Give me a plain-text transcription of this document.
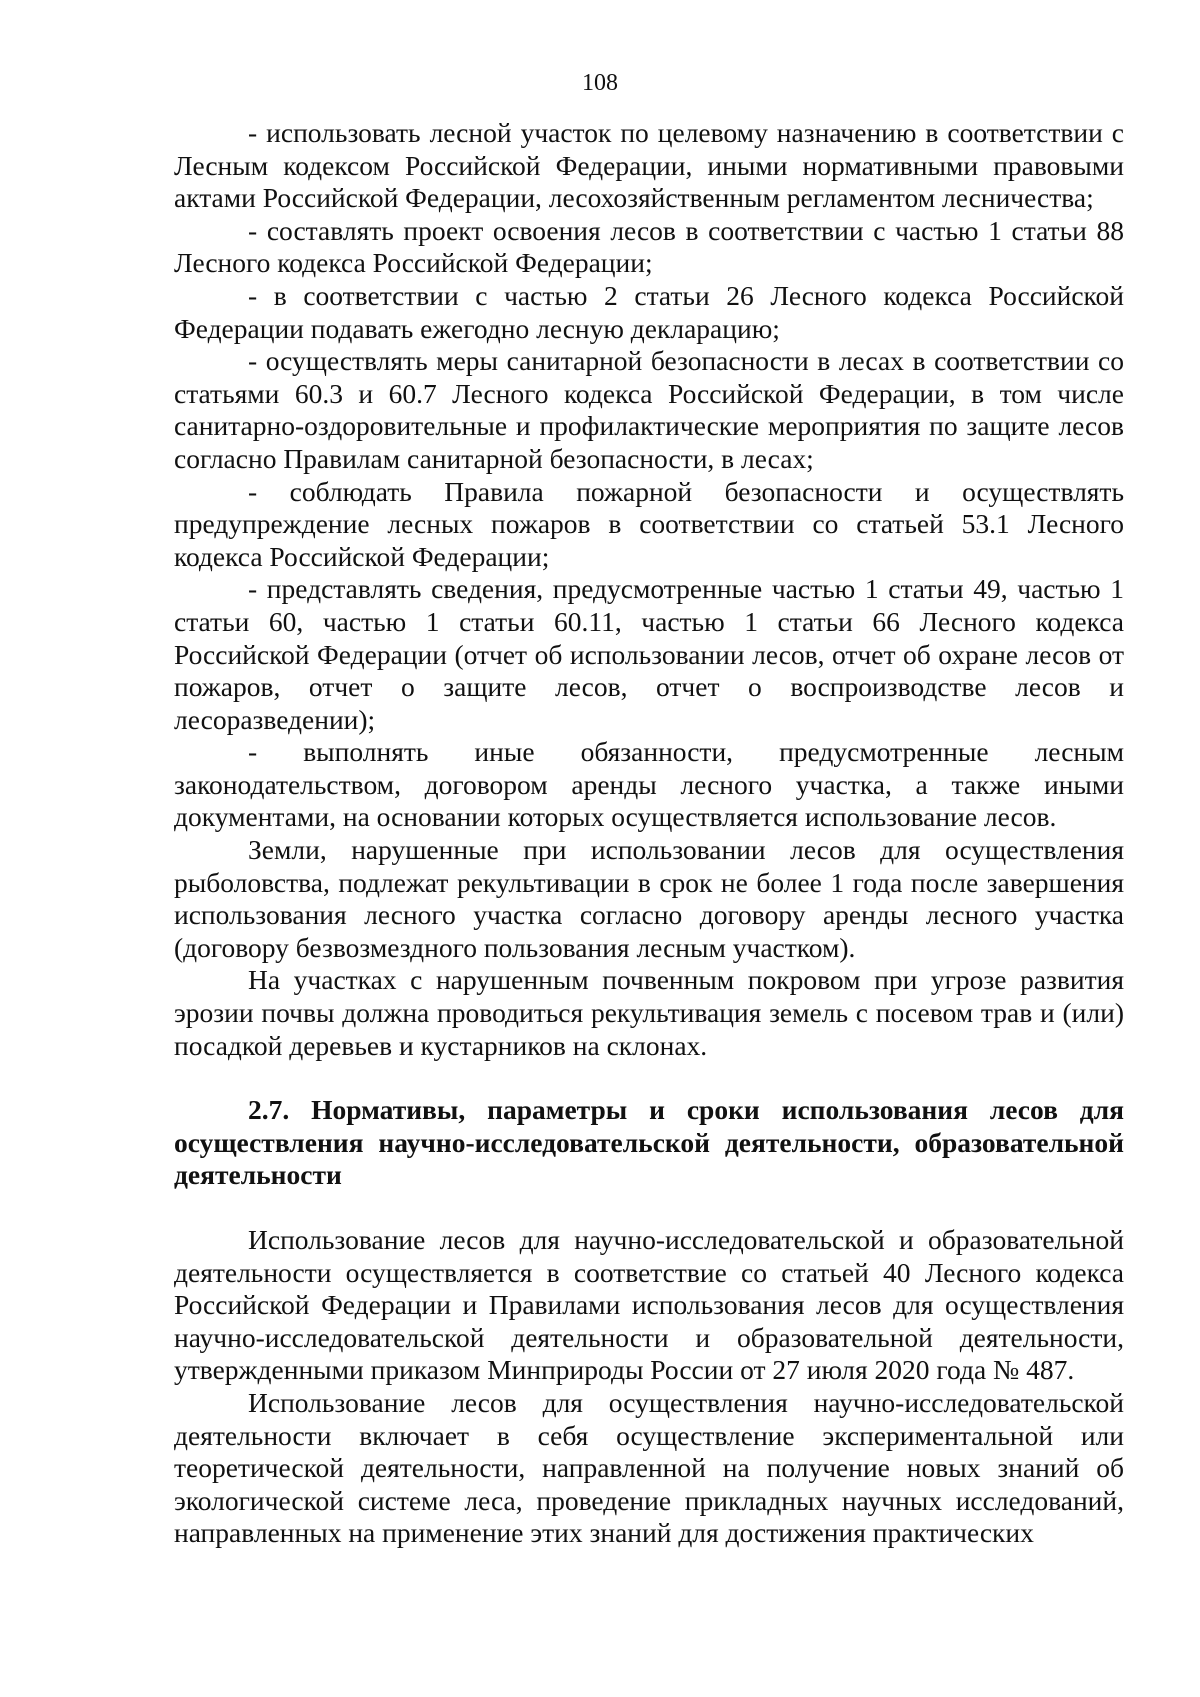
108

- использовать лесной участок по целевому назначению в соответствии с Лесным кодексом Российской Федерации, иными нормативными правовыми актами Российской Федерации, лесохозяйственным регламентом лесничества;

- составлять проект освоения лесов в соответствии с частью 1 статьи 88 Лесного кодекса Российской Федерации;

- в соответствии с частью 2 статьи 26 Лесного кодекса Российской Федерации подавать ежегодно лесную декларацию;

- осуществлять меры санитарной безопасности в лесах в соответствии со статьями 60.3 и 60.7 Лесного кодекса Российской Федерации, в том числе санитарно-оздоровительные и профилактические мероприятия по защите лесов согласно Правилам санитарной безопасности, в лесах;

- соблюдать Правила пожарной безопасности и осуществлять предупреждение лесных пожаров в соответствии со статьей 53.1 Лесного кодекса Российской Федерации;

- представлять сведения, предусмотренные частью 1 статьи 49, частью 1 статьи 60, частью 1 статьи 60.11, частью 1 статьи 66 Лесного кодекса Российской Федерации (отчет об использовании лесов, отчет об охране лесов от пожаров, отчет о защите лесов, отчет о воспроизводстве лесов и лесоразведении);

- выполнять иные обязанности, предусмотренные лесным законодательством, договором аренды лесного участка, а также иными документами, на основании которых осуществляется использование лесов.

Земли, нарушенные при использовании лесов для осуществления рыболовства, подлежат рекультивации в срок не более 1 года после завершения использования лесного участка согласно договору аренды лесного участка (договору безвозмездного пользования лесным участком).

На участках с нарушенным почвенным покровом при угрозе развития эрозии почвы должна проводиться рекультивация земель с посевом трав и (или) посадкой деревьев и кустарников на склонах.

2.7. Нормативы, параметры и сроки использования лесов для осуществления научно-исследовательской деятельности, образовательной деятельности

Использование лесов для научно-исследовательской и образовательной деятельности осуществляется в соответствие со статьей 40 Лесного кодекса Российской Федерации и Правилами использования лесов для осуществления научно-исследовательской деятельности и образовательной деятельности, утвержденными приказом Минприроды России от 27 июля 2020 года № 487.

Использование лесов для осуществления научно-исследовательской деятельности включает в себя осуществление экспериментальной или теоретической деятельности, направленной на получение новых знаний об экологической системе леса, проведение прикладных научных исследований, направленных на применение этих знаний для достижения практических
